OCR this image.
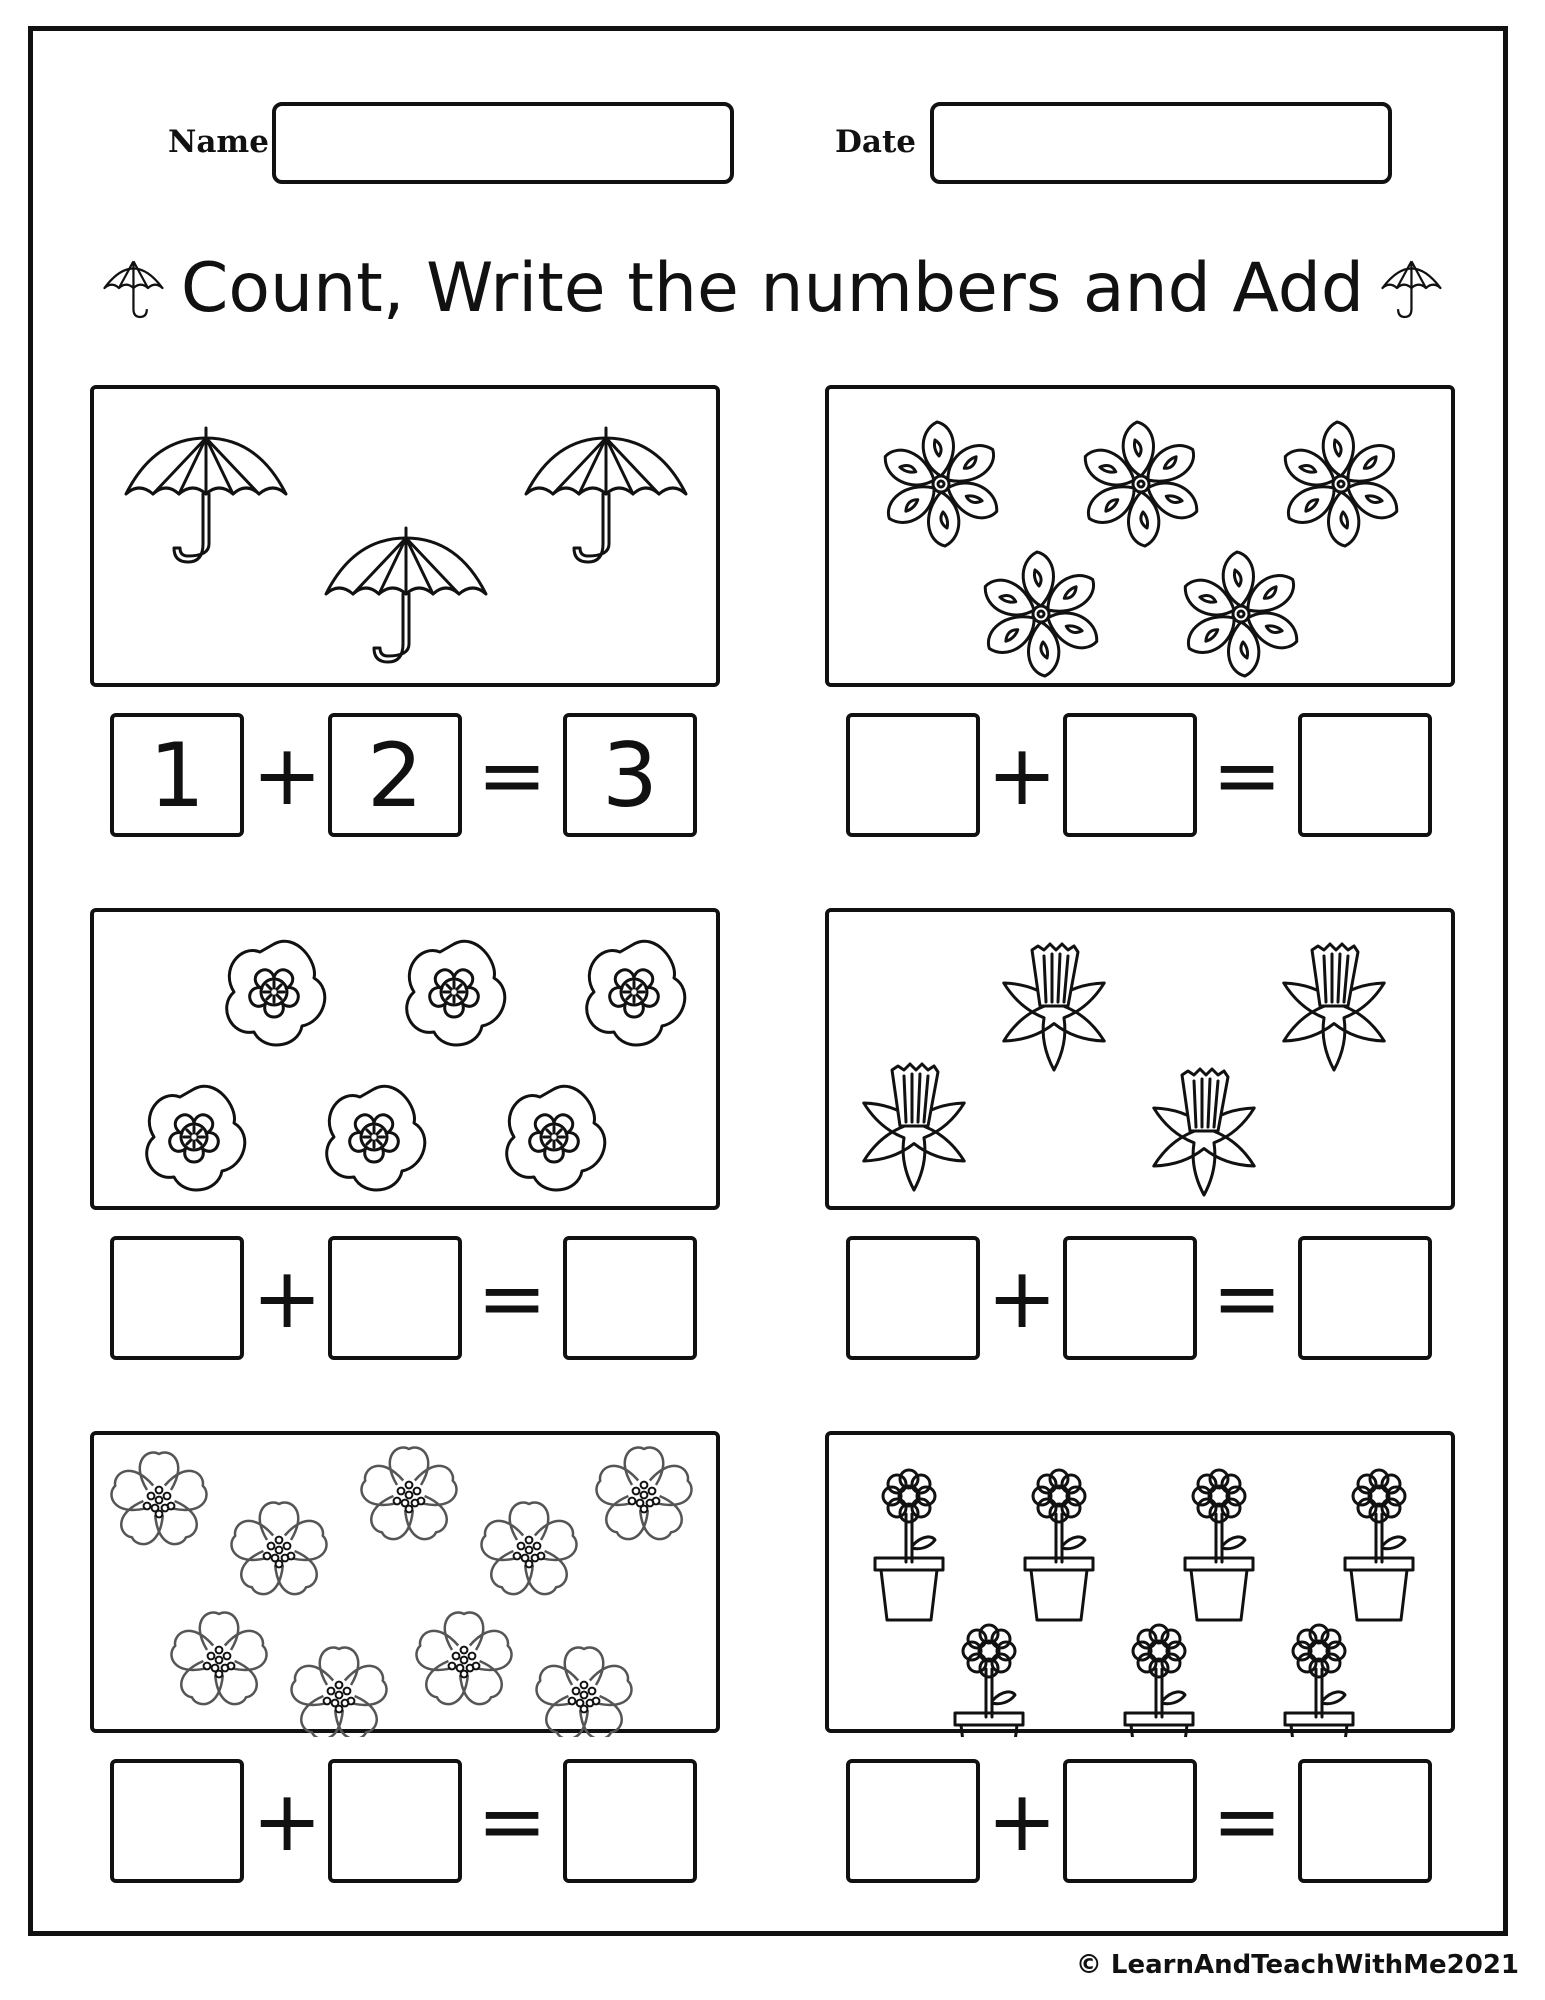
Name	Date
Count, Write the numbers and Add
1 + 2 = 3	+ =
+ =	+ =
+ =	+ =
© LearnAndTeachWithMe2021
